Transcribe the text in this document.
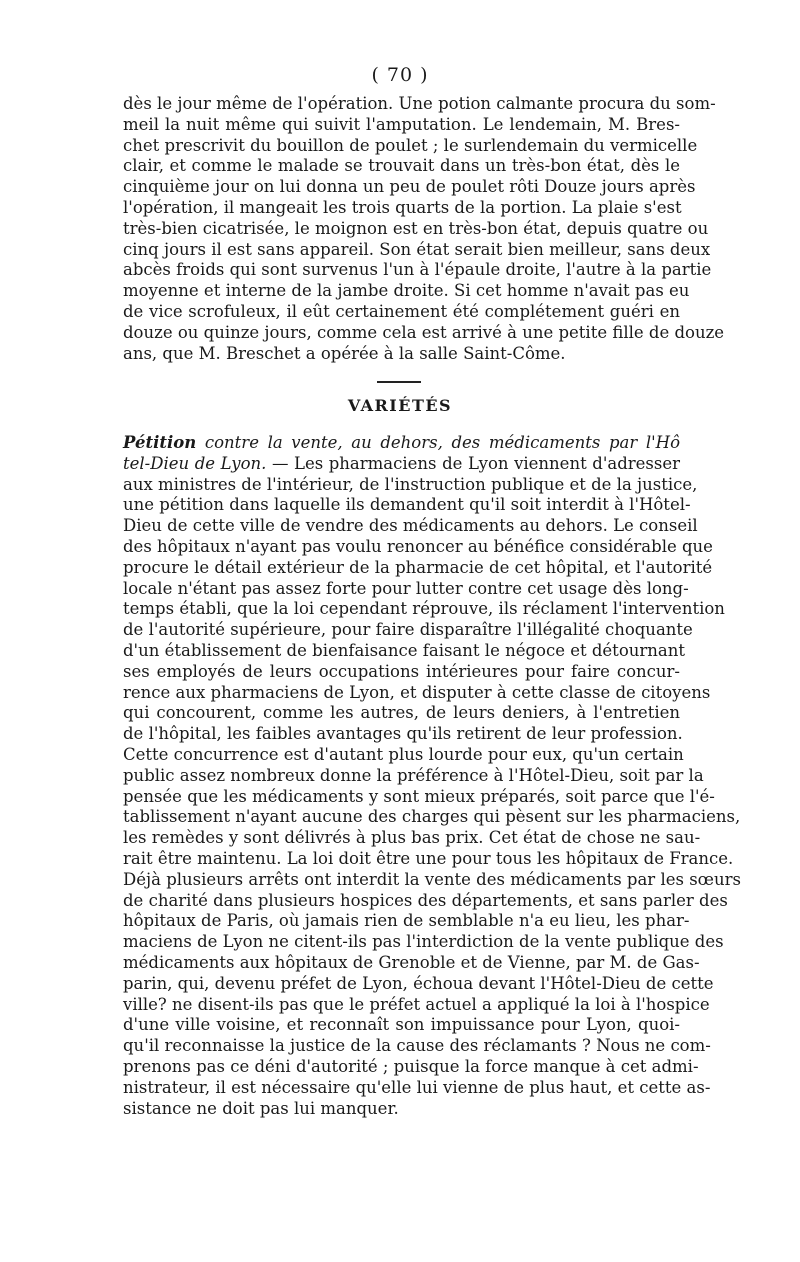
( 70 )
dès le jour même de l'opération. Une potion calmante procura du som-
meil la nuit même qui suivit l'amputation. Le lendemain, M. Bres-
chet prescrivit du bouillon de poulet ; le surlendemain du vermicelle
clair, et comme le malade se trouvait dans un très-bon état, dès le
cinquième jour on lui donna un peu de poulet rôti Douze jours après
l'opération, il mangeait les trois quarts de la portion. La plaie s'est
très-bien cicatrisée, le moignon est en très-bon état, depuis quatre ou
cinq jours il est sans appareil. Son état serait bien meilleur, sans deux
abcès froids qui sont survenus l'un à l'épaule droite, l'autre à la partie
moyenne et interne de la jambe droite. Si cet homme n'avait pas eu
de vice scrofuleux, il eût certainement été complétement guéri en
douze ou quinze jours, comme cela est arrivé à une petite fille de douze
ans, que M. Breschet a opérée à la salle Saint-Côme.
VARIÉTÉS
Pétition contre la vente, au dehors, des médicaments par l'Hô
tel-Dieu de Lyon. — Les pharmaciens de Lyon viennent d'adresser
aux ministres de l'intérieur, de l'instruction publique et de la justice,
une pétition dans laquelle ils demandent qu'il soit interdit à l'Hôtel-
Dieu de cette ville de vendre des médicaments au dehors. Le conseil
des hôpitaux n'ayant pas voulu renoncer au bénéfice considérable que
procure le détail extérieur de la pharmacie de cet hôpital, et l'autorité
locale n'étant pas assez forte pour lutter contre cet usage dès long-
temps établi, que la loi cependant réprouve, ils réclament l'intervention
de l'autorité supérieure, pour faire disparaître l'illégalité choquante
d'un établissement de bienfaisance faisant le négoce et détournant
ses employés de leurs occupations intérieures pour faire concur-
rence aux pharmaciens de Lyon, et disputer à cette classe de citoyens
qui concourent, comme les autres, de leurs deniers, à l'entretien
de l'hôpital, les faibles avantages qu'ils retirent de leur profession.
Cette concurrence est d'autant plus lourde pour eux, qu'un certain
public assez nombreux donne la préférence à l'Hôtel-Dieu, soit par la
pensée que les médicaments y sont mieux préparés, soit parce que l'é-
tablissement n'ayant aucune des charges qui pèsent sur les pharmaciens,
les remèdes y sont délivrés à plus bas prix. Cet état de chose ne sau-
rait être maintenu. La loi doit être une pour tous les hôpitaux de France.
Déjà plusieurs arrêts ont interdit la vente des médicaments par les sœurs
de charité dans plusieurs hospices des départements, et sans parler des
hôpitaux de Paris, où jamais rien de semblable n'a eu lieu, les phar-
maciens de Lyon ne citent-ils pas l'interdiction de la vente publique des
médicaments aux hôpitaux de Grenoble et de Vienne, par M. de Gas-
parin, qui, devenu préfet de Lyon, échoua devant l'Hôtel-Dieu de cette
ville? ne disent-ils pas que le préfet actuel a appliqué la loi à l'hospice
d'une ville voisine, et reconnaît son impuissance pour Lyon, quoi-
qu'il reconnaisse la justice de la cause des réclamants ? Nous ne com-
prenons pas ce déni d'autorité ; puisque la force manque à cet admi-
nistrateur, il est nécessaire qu'elle lui vienne de plus haut, et cette as-
sistance ne doit pas lui manquer.
